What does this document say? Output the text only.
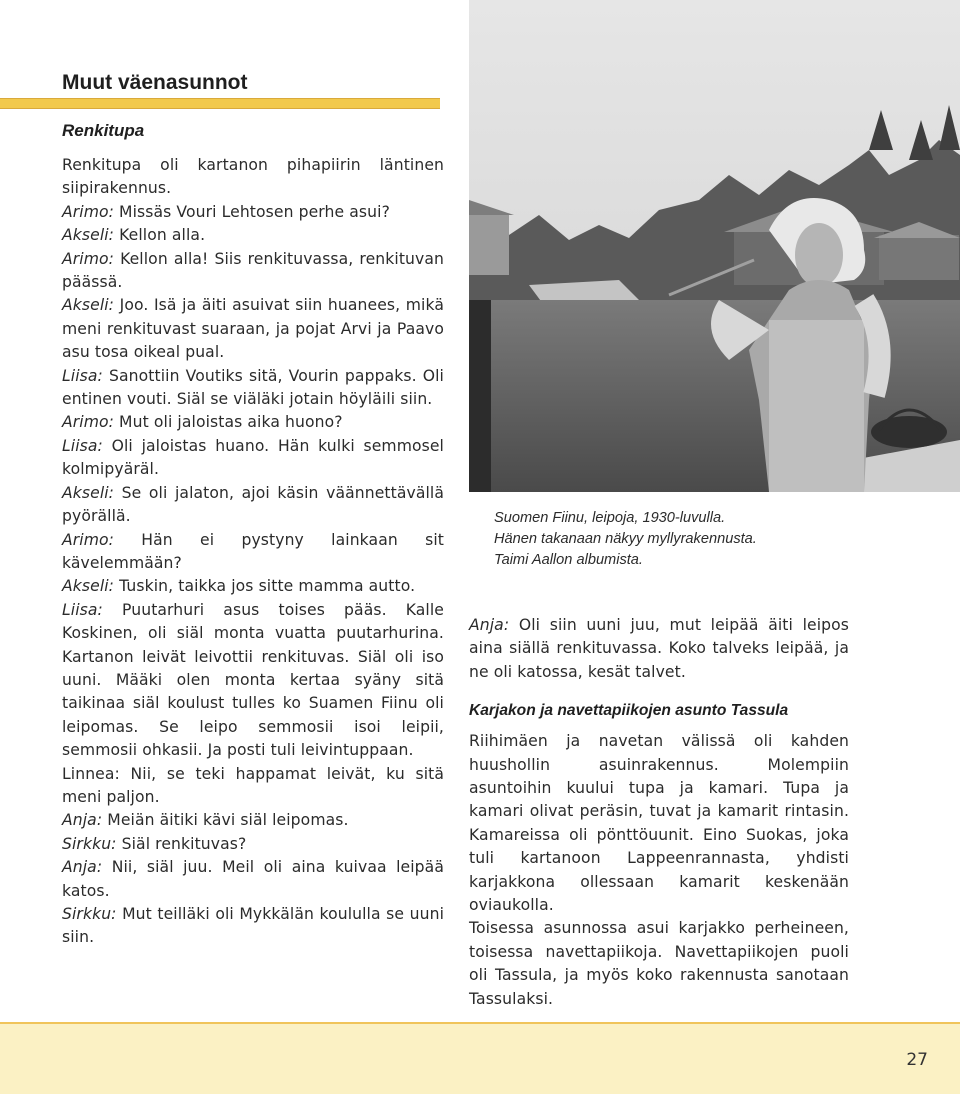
Muut väenasunnot
Renkitupa

Renkitupa oli kartanon pihapiirin läntinen siipirakennus.

Arimo: Missäs Vouri Lehtosen perhe asui?

Akseli: Kellon alla.

Arimo: Kellon alla! Siis renkituvassa, renkituvan päässä.

Akseli: Joo. Isä ja äiti asuivat siin huanees, mikä meni renkituvast suaraan, ja pojat Arvi ja Paavo asu tosa oikeal pual.

Liisa: Sanottiin Voutiks sitä, Vourin pappaks. Oli entinen vouti. Siäl se viäläki jotain höyläili siin.

Arimo: Mut oli jaloistas aika huono?

Liisa: Oli jaloistas huano. Hän kulki semmosel kolmipyäräl.

Akseli: Se oli jalaton, ajoi käsin väännettävällä pyörällä.

Arimo: Hän ei pystyny lainkaan sit kävelemmään?

Akseli: Tuskin, taikka jos sitte mamma autto.

Liisa: Puutarhuri asus toises pääs. Kalle Koskinen, oli siäl monta vuatta puutarhurina. Kartanon leivät leivottii renkituvas. Siäl oli iso uuni. Määki olen monta kertaa syäny sitä taikinaa siäl koulust tulles ko Suamen Fiinu oli leipomas. Se leipo semmosii isoi leipii, semmosii ohkasii. Ja posti tuli leivintuppaan.

Linnea: Nii, se teki happamat leivät, ku sitä meni paljon.

Anja: Meiän äitiki kävi siäl leipomas.

Sirkku: Siäl renkituvas?

Anja: Nii, siäl juu. Meil oli aina kuivaa leipää katos.

Sirkku: Mut teilläki oli Mykkälän koululla se uuni siin.

Suomen Fiinu, leipoja, 1930-luvulla.
Hänen takanaan näkyy myllyrakennusta.
Taimi Aallon albumista.

Anja: Oli siin uuni juu, mut leipää äiti leipos aina siällä renkituvassa. Koko talveks leipää, ja ne oli katossa, kesät talvet.

Karjakon ja navettapiikojen asunto Tassula

Riihimäen ja navetan välissä oli kahden huushollin asuinrakennus. Molempiin asuntoihin kuului tupa ja kamari. Tupa ja kamari olivat peräsin, tuvat ja kamarit rintasin. Kamareissa oli pönttöuunit. Eino Suokas, joka tuli kartanoon Lappeenrannasta, yhdisti karjakkona ollessaan kamarit keskenään oviaukolla.

Toisessa asunnossa asui karjakko perheineen, toisessa navettapiikoja. Navettapiikojen puoli oli Tassula, ja myös koko rakennusta sanotaan Tassulaksi.

27
